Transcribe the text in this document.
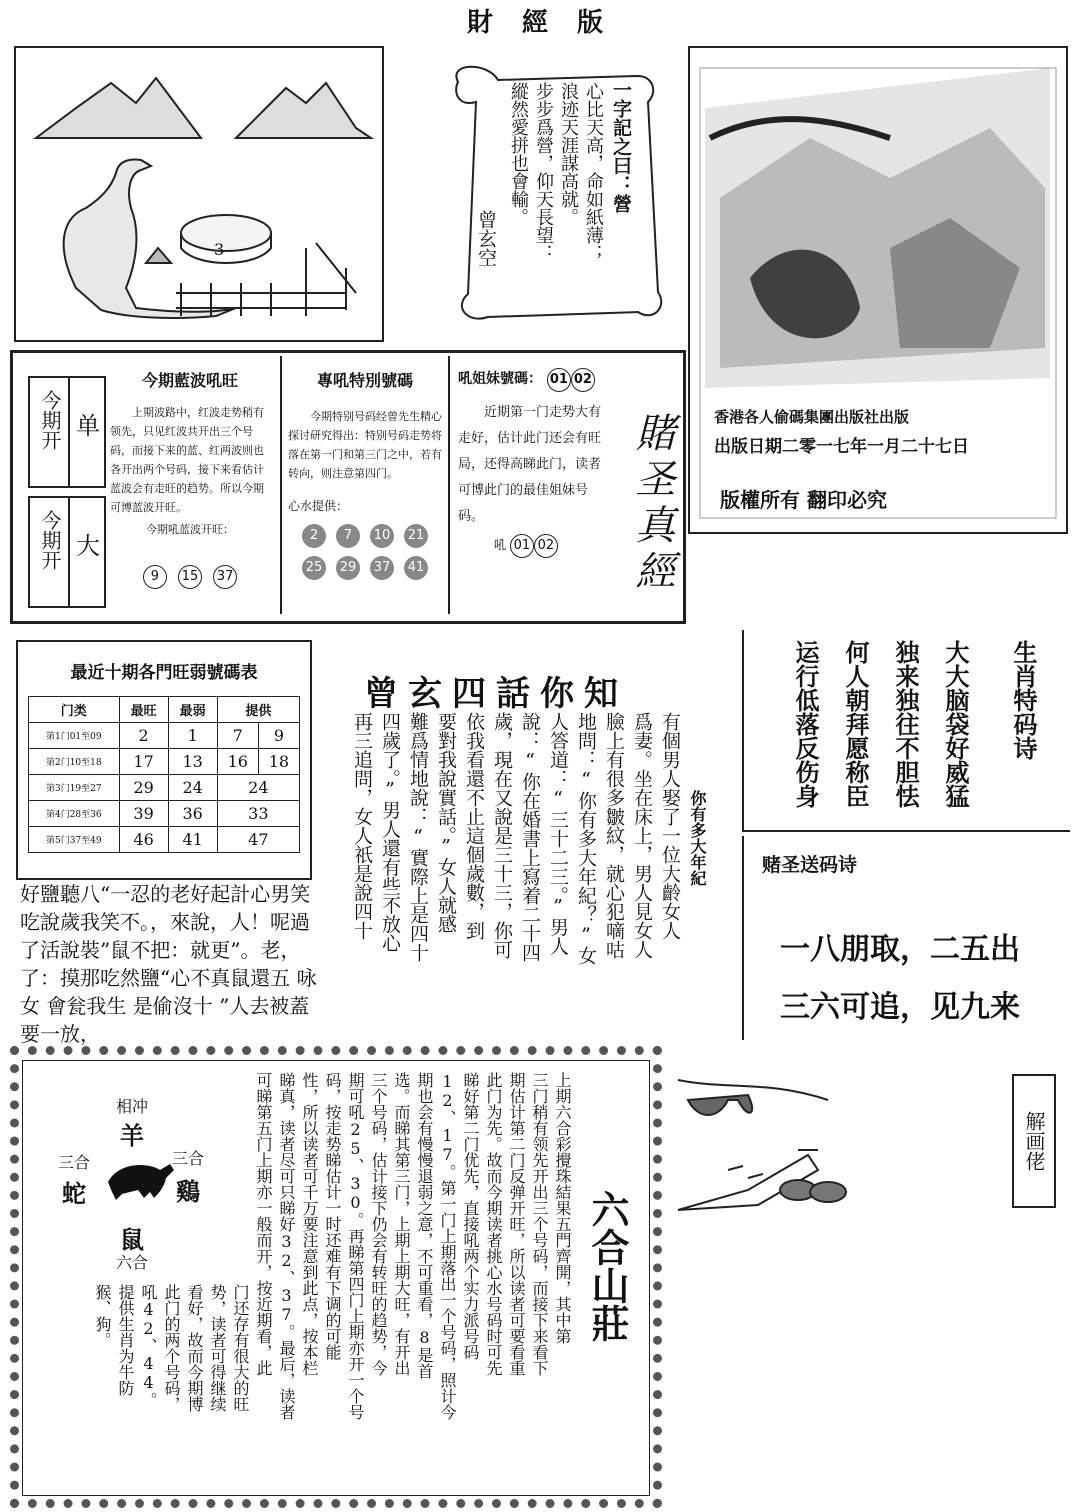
財 經 版
3
一字記之曰：營
心比天高，命如紙薄；
浪迹天涯謀高就。
步步爲營，仰天長望：
縱然愛拼也會輸。
曾玄空
香港各人偷碼集團出版社出版
出版日期二零一七年一月二十七日
版權所有 翻印必究
今期开 单
今期开 大
今期藍波吼旺
上期波路中，红波走势稍有领先，只见红波共开出三个号码，而接下来的蓝、红两波则也各开出两个号码，接下来看估计蓝波会有走旺的趋势。所以今期可博蓝波开旺。
今期吼蓝波开旺：
9 15 37
專吼特別號碼
今期特别号码经曾先生精心探讨研究得出：特别号码走势将落在第一门和第三门之中，若有转向，则注意第四门。
心水提供：
2 7 10 21
25 29 37 41
吼姐妹號碼： 01 02
近期第一门走势大有走好，估计此门还会有旺局，还得高睇此门，读者可博此门的最佳姐妹号码。
吼 01 02	賭圣真經
最近十期各門旺弱號碼表
门类	最旺	最弱	提供	
第1门01至09	2	1	7	9
第2门10至18	17	13	16	18
第3门19至27	29	24	24	
第4门28至36	39	36	33	
第5门37至49	46	41	47	
曾玄四話你知
你有多大年紀
有個男人娶了一位大齡女人
爲妻。坐在床上，男人見女人
臉上有很多皺紋，就心犯嘀咕
地問：“你有多大年紀？”女
人答道：“三十二三。”男人
說：“你在婚書上寫着二十四
歲，現在又說是三十三，你可
依我看還不止這個歲數，到
要對我說實話。”女人就感
難爲情地說：“實際上是四十
四歲了。”男人還有些不放心
再三追問，女人祇是說四十
好鹽聽八“一忍的老好起計心男笑吃說歲我笑不。，來說，人！呢過了活說裝”鼠不把：就更”。老，了：摸那吃然鹽“心不真鼠還五 咏女 會瓮我生 是偷沒十 ”人去被蓋要一放，
生肖特码诗
大大脑袋好威猛
独来独往不胆怯
何人朝拜愿称臣
运行低落反伤身
赌圣送码诗
一八朋取，二五出
三六可追，见九来
相冲
羊
三合
蛇
三合
鷄
鼠
六合	六合山莊
上期六合彩攪珠結果五門齊開，其中第
三门稍有领先开出三个号码，而接下来看下
期估计第二门反弹开旺，所以读者可要看重
此门为先。故而今期读者挑心水号码时可先
睇好第二门优先，直接吼两个实力派号码
12、17。第一门上期落出一个号码，照计今
期也会有慢慢退弱之意，不可重看，8是首
选。而睇其第三门，上期上期大旺，有开出
三个号码，估计接下仍会有转旺的趋势，今
期可吼25、30。再睇第四门上期亦开一个号
码，按走势睇估计一时还难有下调的可能
性，所以读者可千万要注意到此点，按本栏
睇真，读者尽可只睇好32、37。最后，读者
可睇第五门上期亦一般而开，按近期看，此
门还存有很大的旺
势，读者可得继续
看好，故而今期博
此门的两个号码，
吼42、44。
提供生肖为牛防
猴、狗。
解画佬
